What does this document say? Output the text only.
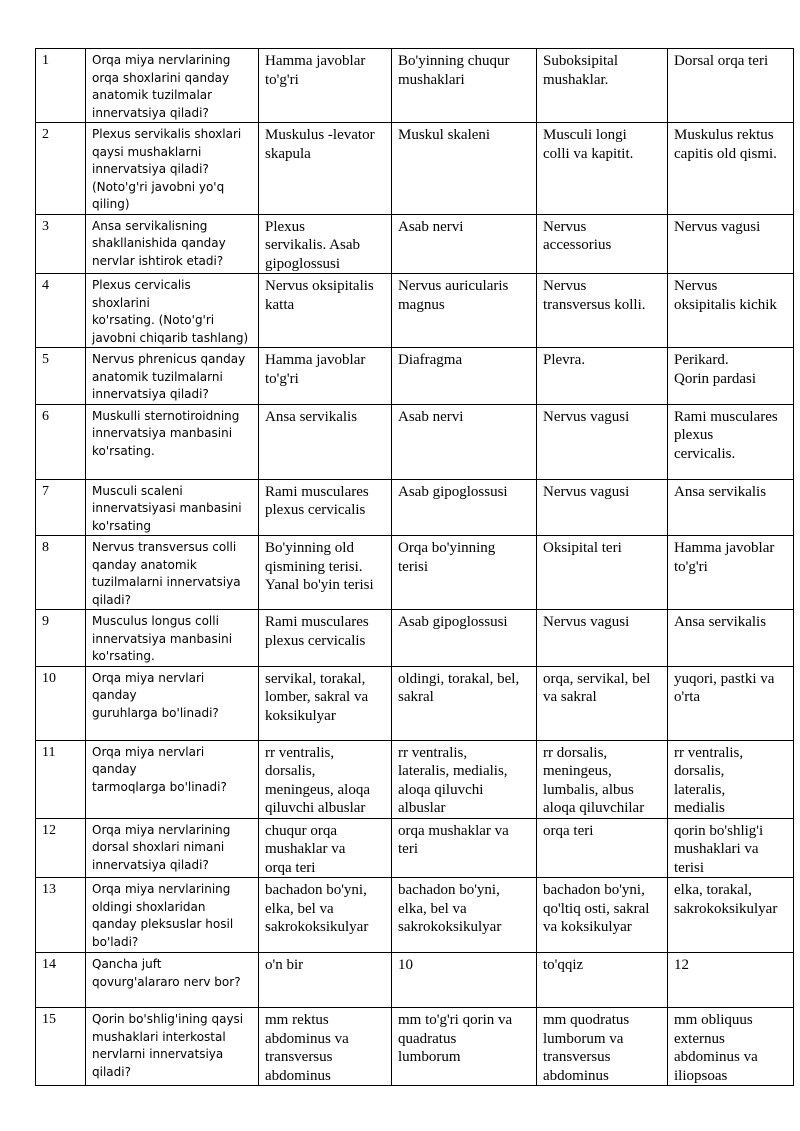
1	Orqa miya nervlarining
orqa shoxlarini qanday
anatomik tuzilmalar
innervatsiya qiladi?	Hamma javoblar
to'g'ri	Bo'yinning chuqur
mushaklari	Suboksipital
mushaklar.	Dorsal orqa teri
2	Plexus servikalis shoxlari
qaysi mushaklarni
innervatsiya qiladi?
(Noto'g'ri javobni yo'q
qiling)	Muskulus -levator
skapula	Muskul skaleni	Musculi longi
colli va kapitit.	Muskulus rektus
capitis old qismi.
3	Ansa servikalisning
shakllanishida qanday
nervlar ishtirok etadi?	Plexus
servikalis. Asab
gipoglossusi	Asab nervi	Nervus
accessorius	Nervus vagusi
4	Plexus cervicalis shoxlarini
ko'rsating. (Noto'g'ri
javobni chiqarib tashlang)	Nervus oksipitalis
katta	Nervus auricularis
magnus	Nervus
transversus kolli.	Nervus
oksipitalis kichik
5	Nervus phrenicus qanday
anatomik tuzilmalarni
innervatsiya qiladi?	Hamma javoblar
to'g'ri	Diafragma	Plevra.	Perikard.
Qorin pardasi
6	Muskulli sternotiroidning
innervatsiya manbasini
ko'rsating.	Ansa servikalis	Asab nervi	Nervus vagusi	Rami musculares
plexus
cervicalis.
7	Musculi scaleni
innervatsiyasi manbasini
ko'rsating	Rami musculares
plexus cervicalis	Asab gipoglossusi	Nervus vagusi	Ansa servikalis
8	Nervus transversus colli
qanday anatomik
tuzilmalarni innervatsiya
qiladi?	Bo'yinning old
qismining terisi.
Yanal bo'yin terisi	Orqa bo'yinning
terisi	Oksipital teri	Hamma javoblar
to'g'ri
9	Musculus longus colli
innervatsiya manbasini
ko'rsating.	Rami musculares
plexus cervicalis	Asab gipoglossusi	Nervus vagusi	Ansa servikalis
10	Orqa miya nervlari qanday
guruhlarga bo'linadi?	servikal, torakal,
lomber, sakral va
koksikulyar	oldingi, torakal, bel,
sakral	orqa, servikal, bel
va sakral	yuqori, pastki va
o'rta
11	Orqa miya nervlari qanday
tarmoqlarga bo'linadi?	rr ventralis,
dorsalis,
meningeus, aloqa
qiluvchi albuslar	rr ventralis,
lateralis, medialis,
aloqa qiluvchi
albuslar	rr dorsalis,
meningeus,
lumbalis, albus
aloqa qiluvchilar	rr ventralis,
dorsalis,
lateralis,
medialis
12	Orqa miya nervlarining
dorsal shoxlari nimani
innervatsiya qiladi?	chuqur orqa
mushaklar va
orqa teri	orqa mushaklar va
teri	orqa teri	qorin bo'shlig'i
mushaklari va
terisi
13	Orqa miya nervlarining
oldingi shoxlaridan
qanday pleksuslar hosil
bo'ladi?	bachadon bo'yni,
elka, bel va
sakrokoksikulyar	bachadon bo'yni,
elka, bel va
sakrokoksikulyar	bachadon bo'yni,
qo'ltiq osti, sakral
va koksikulyar	elka, torakal,
sakrokoksikulyar
14	Qancha juft
qovurg'alararo nerv bor?	o'n bir	10	to'qqiz	12
15	Qorin bo'shlig'ining qaysi
mushaklari interkostal
nervlarni innervatsiya
qiladi?	mm rektus
abdominus va
transversus
abdominus	mm to'g'ri qorin va
quadratus
lumborum	mm quodratus
lumborum va
transversus
abdominus	mm obliquus
externus
abdominus va
iliopsoas
